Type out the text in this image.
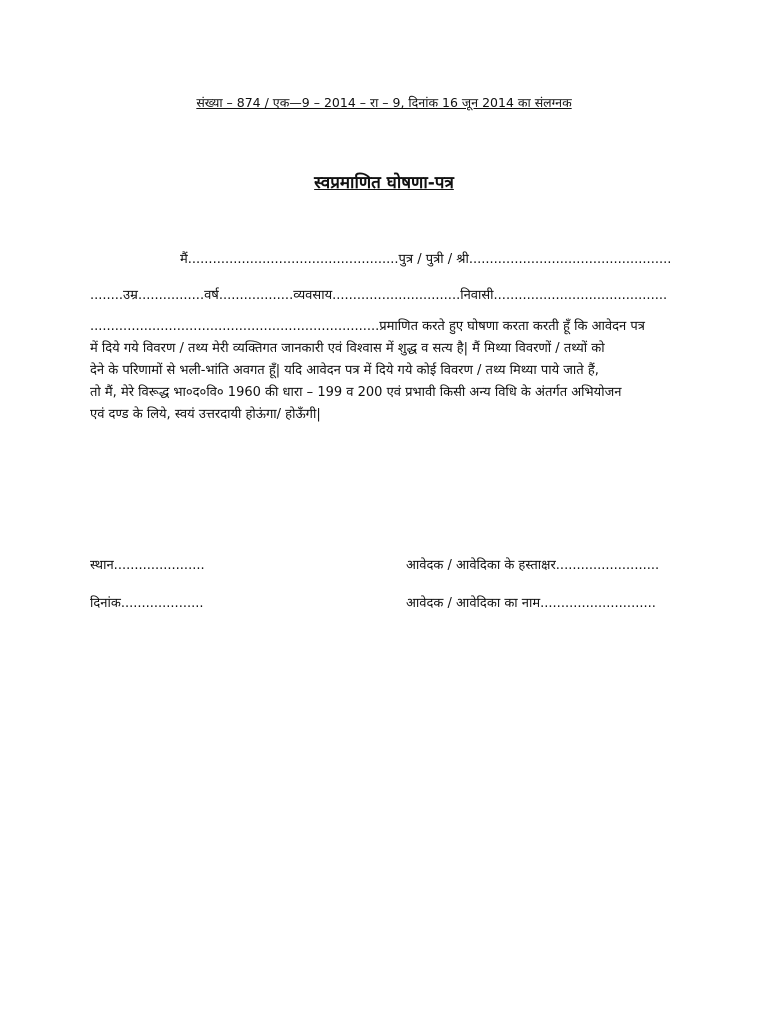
संख्या – 874 / एक—9 – 2014 – रा – 9, दिनांक 16 जून 2014 का संलग्नक
स्वप्रमाणित घोषणा-पत्र
मैं...................................................पुत्र / पुत्री / श्री.................................................
........उम्र................वर्ष..................व्यवसाय...............................निवासी..........................................
......................................................................प्रमाणित करते हुए घोषणा करता करती हूँ कि आवेदन पत्र
में दिये गये विवरण / तथ्य मेरी व्यक्तिगत जानकारी एवं विश्वास में शुद्ध व सत्य है| मैं मिथ्या विवरणों / तथ्यों को
देने के परिणामों से भली-भांति अवगत हूँ| यदि आवेदन पत्र में दिये गये कोई विवरण / तथ्य मिथ्या पाये जाते हैं,
तो मैं, मेरे विरूद्ध भा०द०वि० 1960 की धारा – 199 व 200 एवं प्रभावी किसी अन्य विधि के अंतर्गत अभियोजन
एवं दण्ड के लिये, स्वयं उत्तरदायी होऊंगा/ होऊँगी|
स्थान......................	आवेदक / आवेदिका के हस्ताक्षर.........................
दिनांक....................	आवेदक / आवेदिका का नाम............................
